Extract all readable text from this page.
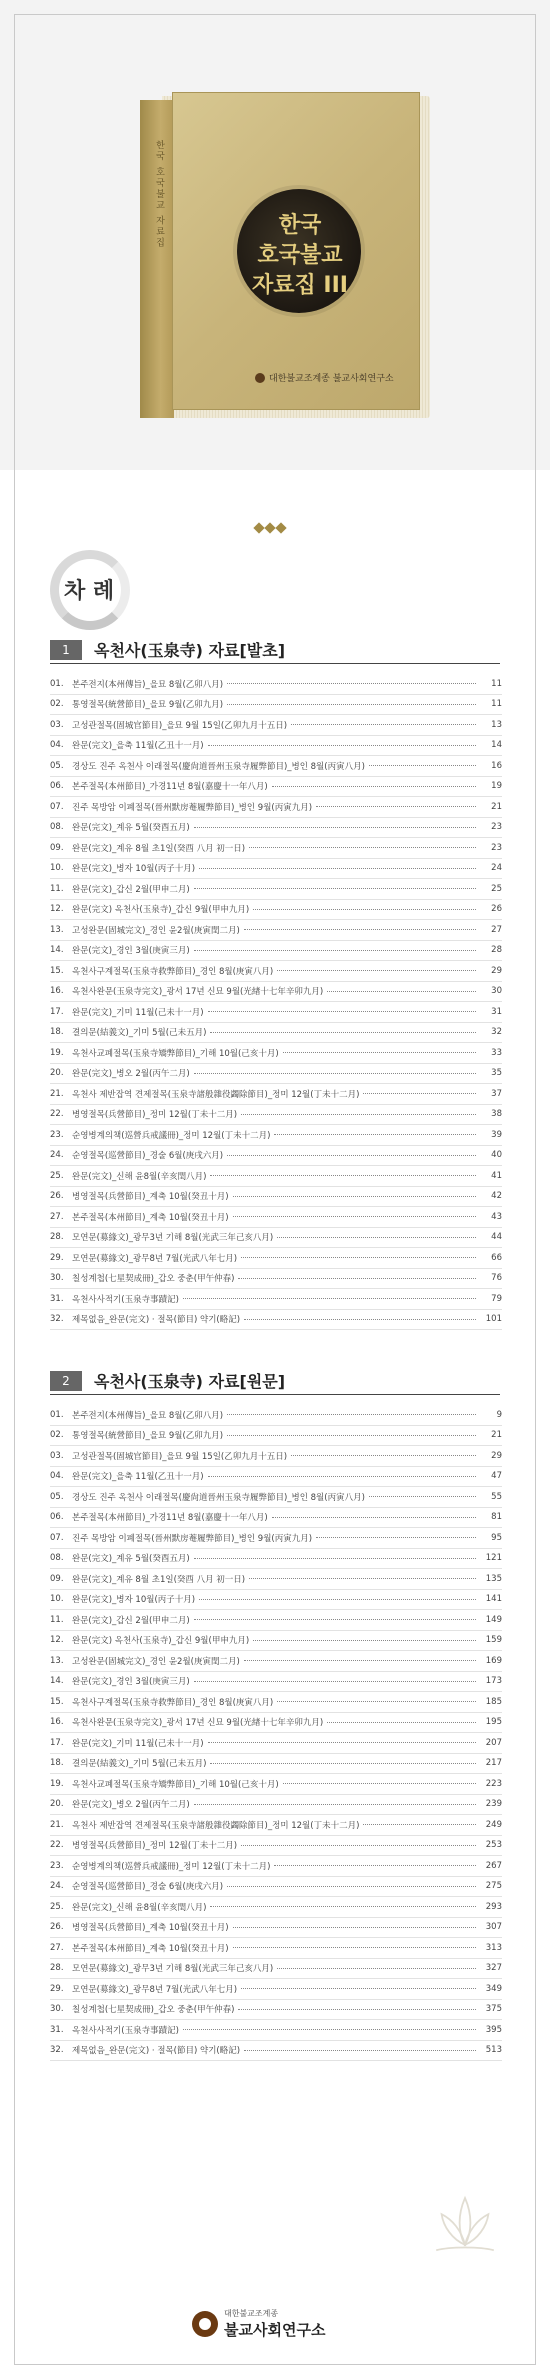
한국 호국불교 자료집	한국
호국불교
자료집 III
대한불교조계종 불교사회연구소
차 례
1	옥천사(玉泉寺) 자료[발초]
01. 본주전지(本州傳旨)_을묘 8월(乙卯八月)	11
02. 통영절목(統營節目)_을묘 9월(乙卯九月)	11
03. 고성관절목(固城官節目)_을묘 9월 15일(乙卯九月十五日)	13
04. 완문(完文)_을축 11월(乙丑十一月)	14
05. 경상도 진주 옥천사 이래절목(慶尙道晉州玉泉寺履弊節目)_병인 8월(丙寅八月)	16
06. 본주절목(本州節目)_가경11년 8월(嘉慶十一年八月)	19
07. 진주 목방암 이폐절목(晉州默房菴履弊節目)_병인 9월(丙寅九月)	21
08. 완문(完文)_계유 5월(癸酉五月)	23
09. 완문(完文)_계유 8월 초1일(癸酉 八月 初一日)	23
10. 완문(完文)_병자 10월(丙子十月)	24
11. 완문(完文)_갑신 2월(甲申二月)	25
12. 완문(完文) 옥천사(玉泉寺)_갑신 9월(甲申九月)	26
13. 고성완문(固城完文)_경인 윤2월(庚寅閏二月)	27
14. 완문(完文)_경인 3월(庚寅三月)	28
15. 옥천사구계절목(玉泉寺救弊節目)_경인 8월(庚寅八月)	29
16. 옥천사완문(玉泉寺完文)_광서 17년 신묘 9월(光緖十七年辛卯九月)	30
17. 완문(完文)_기미 11월(己未十一月)	31
18. 결의문(結義文)_기미 5월(己未五月)	32
19. 옥천사교폐절목(玉泉寺矯弊節目)_기해 10월(己亥十月)	33
20. 완문(完文)_병오 2월(丙午二月)	35
21. 옥천사 제반잡역 견제절목(玉泉寺諸般雜役蠲除節目)_정미 12월(丁未十二月)	37
22. 병영절목(兵營節目)_정미 12월(丁未十二月)	38
23. 순영병계의책(巡營兵戒議冊)_정미 12월(丁未十二月)	39
24. 순영절목(巡營節目)_경술 6월(庚戌六月)	40
25. 완문(完文)_신해 윤8월(辛亥閏八月)	41
26. 병영절목(兵營節目)_계축 10월(癸丑十月)	42
27. 본주절목(本州節目)_계축 10월(癸丑十月)	43
28. 모연문(募緣文)_광무3년 기해 8월(光武三年己亥八月)	44
29. 모연문(募緣文)_광무8년 7월(光武八年七月)	66
30. 칠성계첩(七星契成冊)_갑오 중춘(甲午仲春)	76
31. 옥천사사적기(玉泉寺事蹟記)	79
32. 제목없음_완문(完文) · 절목(節目) 약기(略記)	101
2	옥천사(玉泉寺) 자료[원문]
01. 본주전지(本州傳旨)_을묘 8월(乙卯八月)	9
02. 통영절목(統營節目)_을묘 9월(乙卯九月)	21
03. 고성관절목(固城官節目)_을묘 9월 15일(乙卯九月十五日)	29
04. 완문(完文)_을축 11월(乙丑十一月)	47
05. 경상도 진주 옥천사 이래절목(慶尙道晉州玉泉寺履弊節目)_병인 8월(丙寅八月)	55
06. 본주절목(本州節目)_가경11년 8월(嘉慶十一年八月)	81
07. 진주 목방암 이폐절목(晉州默房菴履弊節目)_병인 9월(丙寅九月)	95
08. 완문(完文)_계유 5월(癸酉五月)	121
09. 완문(完文)_계유 8월 초1일(癸酉 八月 初一日)	135
10. 완문(完文)_병자 10월(丙子十月)	141
11. 완문(完文)_갑신 2월(甲申二月)	149
12. 완문(完文) 옥천사(玉泉寺)_갑신 9월(甲申九月)	159
13. 고성완문(固城完文)_경인 윤2월(庚寅閏二月)	169
14. 완문(完文)_경인 3월(庚寅三月)	173
15. 옥천사구계절목(玉泉寺救弊節目)_경인 8월(庚寅八月)	185
16. 옥천사완문(玉泉寺完文)_광서 17년 신묘 9월(光緖十七年辛卯九月)	195
17. 완문(完文)_기미 11월(己未十一月)	207
18. 결의문(結義文)_기미 5월(己未五月)	217
19. 옥천사교폐절목(玉泉寺矯弊節目)_기해 10월(己亥十月)	223
20. 완문(完文)_병오 2월(丙午二月)	239
21. 옥천사 제반잡역 견제절목(玉泉寺諸般雜役蠲除節目)_정미 12월(丁未十二月)	249
22. 병영절목(兵營節目)_정미 12월(丁未十二月)	253
23. 순영병계의책(巡營兵戒議冊)_정미 12월(丁未十二月)	267
24. 순영절목(巡營節目)_경술 6월(庚戌六月)	275
25. 완문(完文)_신해 윤8월(辛亥閏八月)	293
26. 병영절목(兵營節目)_계축 10월(癸丑十月)	307
27. 본주절목(本州節目)_계축 10월(癸丑十月)	313
28. 모연문(募緣文)_광무3년 기해 8월(光武三年己亥八月)	327
29. 모연문(募緣文)_광무8년 7월(光武八年七月)	349
30. 칠성계첩(七星契成冊)_갑오 중춘(甲午仲春)	375
31. 옥천사사적기(玉泉寺事蹟記)	395
32. 제목없음_완문(完文) · 절목(節目) 약기(略記)	513
대한불교조계종
불교사회연구소
